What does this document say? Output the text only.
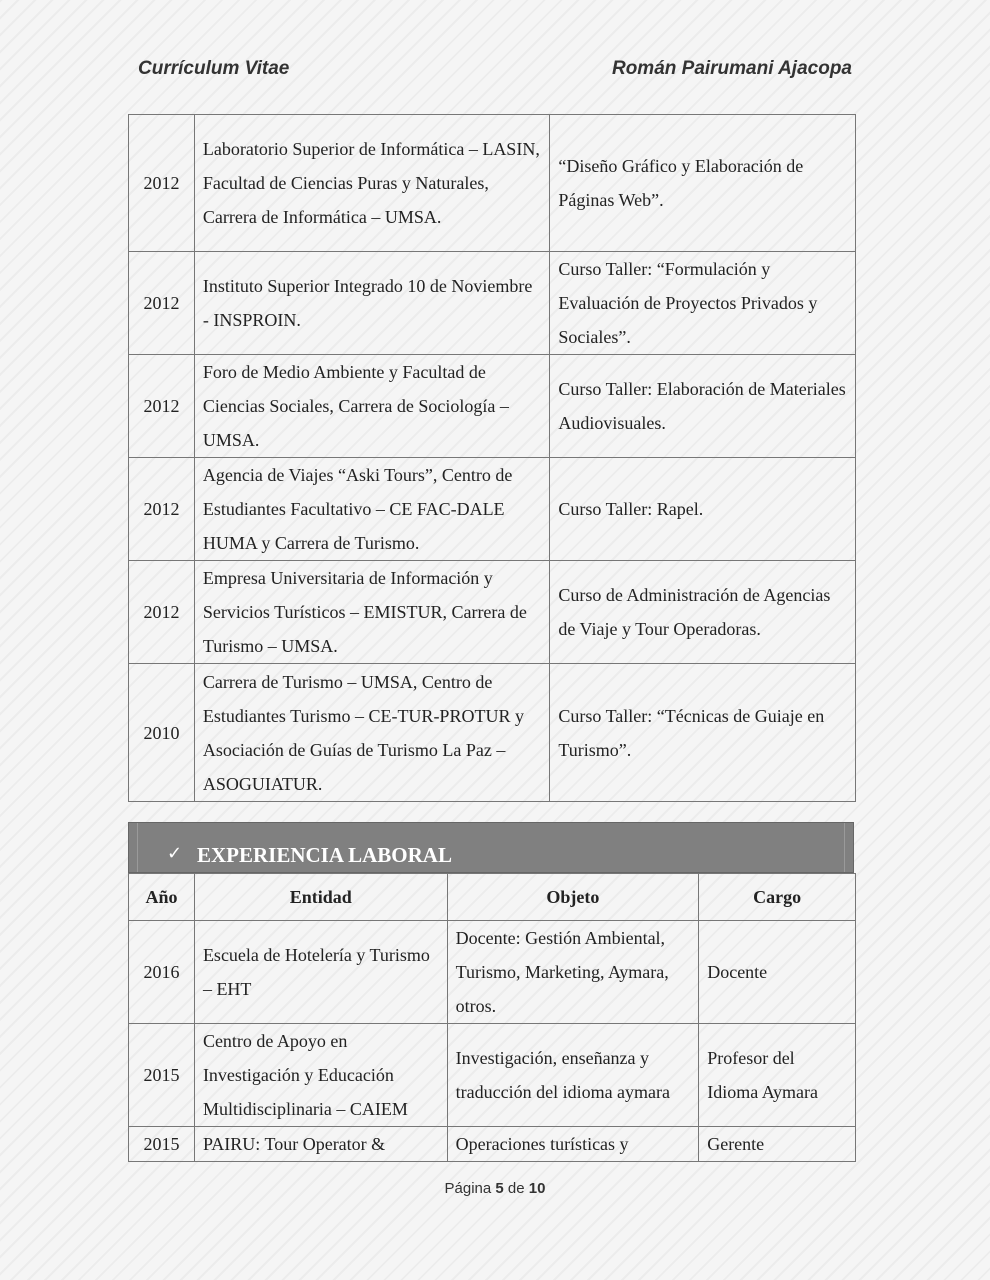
Currículum Vitae	Román Pairumani Ajacopa
2012	Laboratorio Superior de Informática – LASIN, Facultad de Ciencias Puras y Naturales, Carrera de Informática – UMSA.	“Diseño Gráfico y Elaboración de Páginas Web”.
2012	Instituto Superior Integrado 10 de Noviembre - INSPROIN.	Curso Taller: “Formulación y Evaluación de Proyectos Privados y Sociales”.
2012	Foro de Medio Ambiente y Facultad de Ciencias Sociales, Carrera de Sociología – UMSA.	Curso Taller: Elaboración de Materiales Audiovisuales.
2012	Agencia de Viajes “Aski Tours”, Centro de Estudiantes Facultativo – CE FAC-DALE HUMA y Carrera de Turismo.	Curso Taller: Rapel.
2012	Empresa Universitaria de Información y Servicios Turísticos – EMISTUR, Carrera de Turismo – UMSA.	Curso de Administración de Agencias de Viaje y Tour Operadoras.
2010	Carrera de Turismo – UMSA, Centro de Estudiantes Turismo – CE-TUR-PROTUR y Asociación de Guías de Turismo La Paz – ASOGUIATUR.	Curso Taller: “Técnicas de Guiaje en Turismo”.
✓ EXPERIENCIA LABORAL
Año	Entidad	Objeto	Cargo
2016	Escuela de Hotelería y Turismo – EHT	Docente: Gestión Ambiental, Turismo, Marketing, Aymara, otros.	Docente
2015	Centro de Apoyo en Investigación y Educación Multidisciplinaria – CAIEM	Investigación, enseñanza y traducción del idioma aymara	Profesor del Idioma Aymara
2015	PAIRU: Tour Operator &	Operaciones turísticas y	Gerente
Página 5 de 10
